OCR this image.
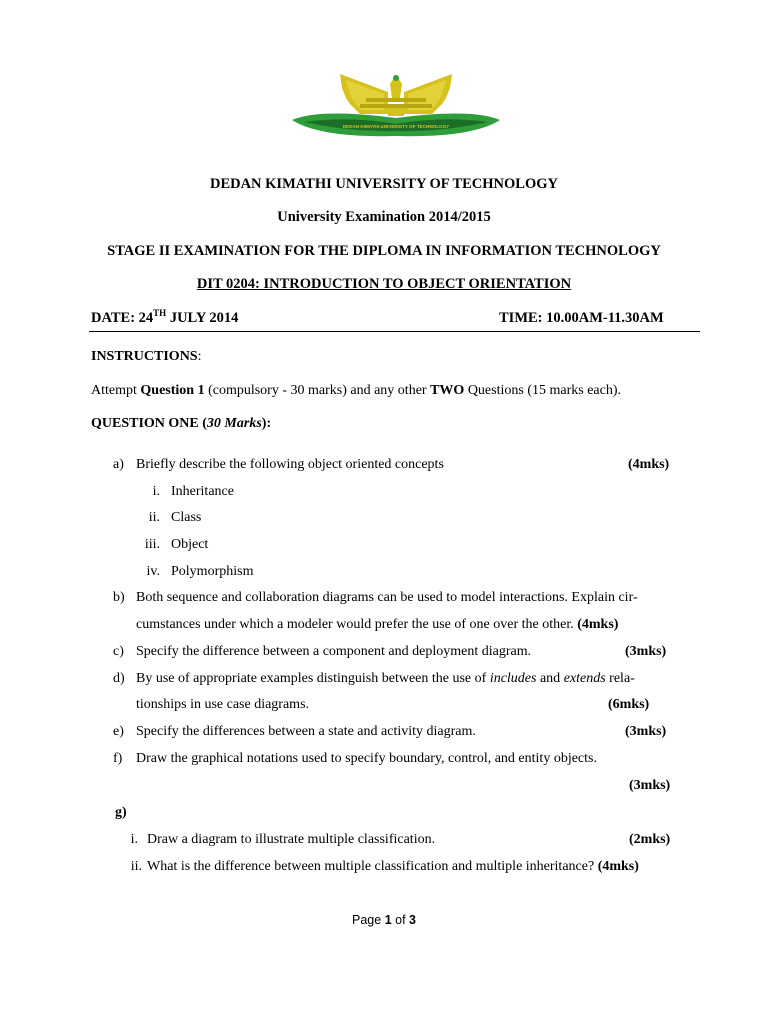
DEDAN KIMATHI UNIVERSITY OF TECHNOLOGY
DEDAN KIMATHI UNIVERSITY OF TECHNOLOGY
University Examination 2014/2015
STAGE II EXAMINATION FOR THE DIPLOMA IN INFORMATION TECHNOLOGY
DIT 0204: INTRODUCTION TO OBJECT ORIENTATION
DATE: 24TH JULY 2014	TIME: 10.00AM-11.30AM
INSTRUCTIONS:
Attempt Question 1 (compulsory - 30 marks) and any other TWO Questions (15 marks each).
QUESTION ONE (30 Marks):
a) Briefly describe the following object oriented concepts	(4mks)
i. Inheritance
ii. Class
iii. Object
iv. Polymorphism
b) Both sequence and collaboration diagrams can be used to model interactions. Explain cir-
cumstances under which a modeler would prefer the use of one over the other. (4mks)
c) Specify the difference between a component and deployment diagram.	(3mks)
d) By use of appropriate examples distinguish between the use of includes and extends rela-
tionships in use case diagrams.	(6mks)
e) Specify the differences between a state and activity diagram.	(3mks)
f) Draw the graphical notations used to specify boundary, control, and entity objects.
(3mks)
g)
i. Draw a diagram to illustrate multiple classification.	(2mks)
ii. What is the difference between multiple classification and multiple inheritance? (4mks)
Page 1 of 3
